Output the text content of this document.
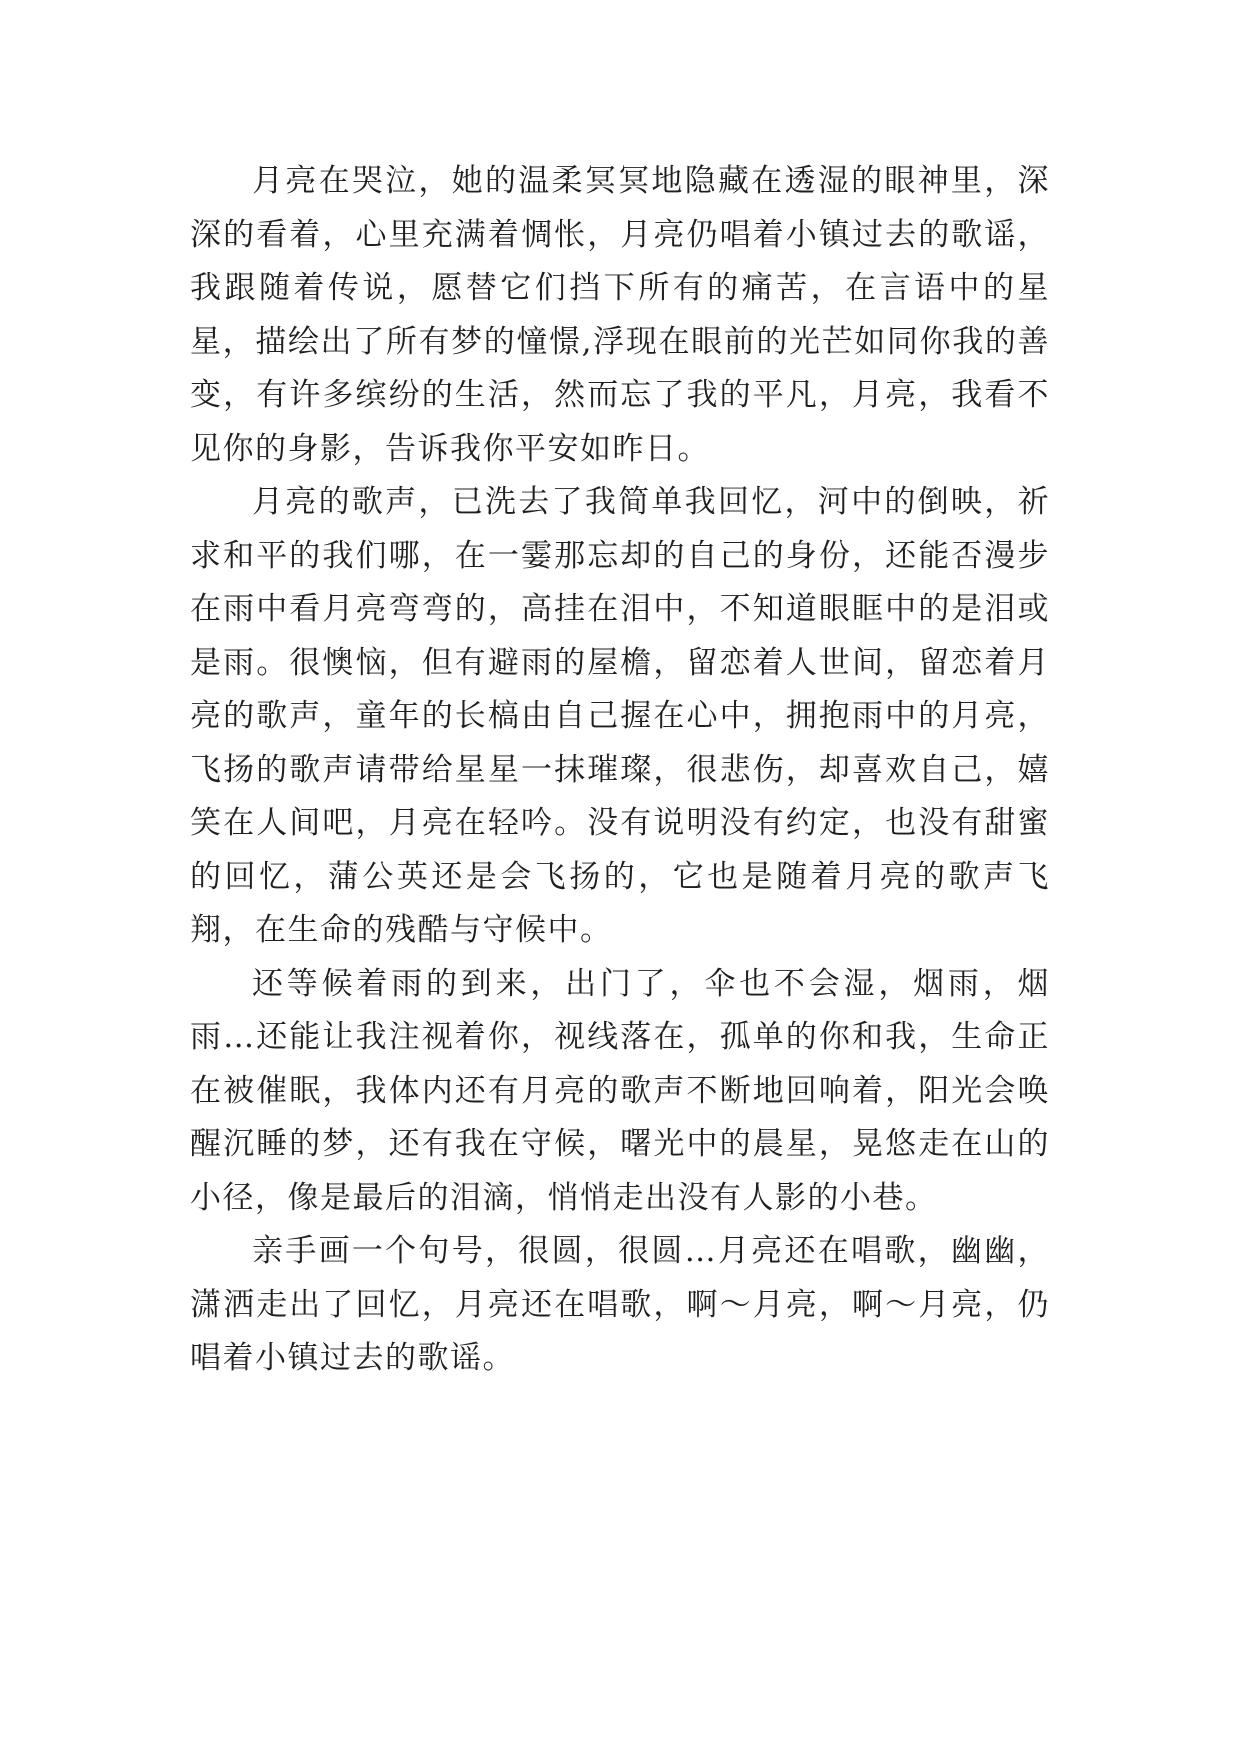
月亮在哭泣，她的温柔冥冥地隐藏在透湿的眼神里，深深的看着，心里充满着惆怅，月亮仍唱着小镇过去的歌谣，我跟随着传说，愿替它们挡下所有的痛苦，在言语中的星星，描绘出了所有梦的憧憬,浮现在眼前的光芒如同你我的善变，有许多缤纷的生活，然而忘了我的平凡，月亮，我看不见你的身影，告诉我你平安如昨日。

月亮的歌声，已洗去了我简单我回忆，河中的倒映，祈求和平的我们哪，在一霎那忘却的自己的身份，还能否漫步在雨中看月亮弯弯的，高挂在泪中，不知道眼眶中的是泪或是雨。很懊恼，但有避雨的屋檐，留恋着人世间，留恋着月亮的歌声，童年的长槁由自己握在心中，拥抱雨中的月亮，飞扬的歌声请带给星星一抹璀璨，很悲伤，却喜欢自己，嬉笑在人间吧，月亮在轻吟。没有说明没有约定，也没有甜蜜的回忆，蒲公英还是会飞扬的，它也是随着月亮的歌声飞翔，在生命的残酷与守候中。

还等候着雨的到来，出门了，伞也不会湿，烟雨，烟雨…还能让我注视着你，视线落在，孤单的你和我，生命正在被催眠，我体内还有月亮的歌声不断地回响着，阳光会唤醒沉睡的梦，还有我在守候，曙光中的晨星，晃悠走在山的小径，像是最后的泪滴，悄悄走出没有人影的小巷。

亲手画一个句号，很圆，很圆…月亮还在唱歌，幽幽，潇洒走出了回忆，月亮还在唱歌，啊～月亮，啊～月亮，仍唱着小镇过去的歌谣。
